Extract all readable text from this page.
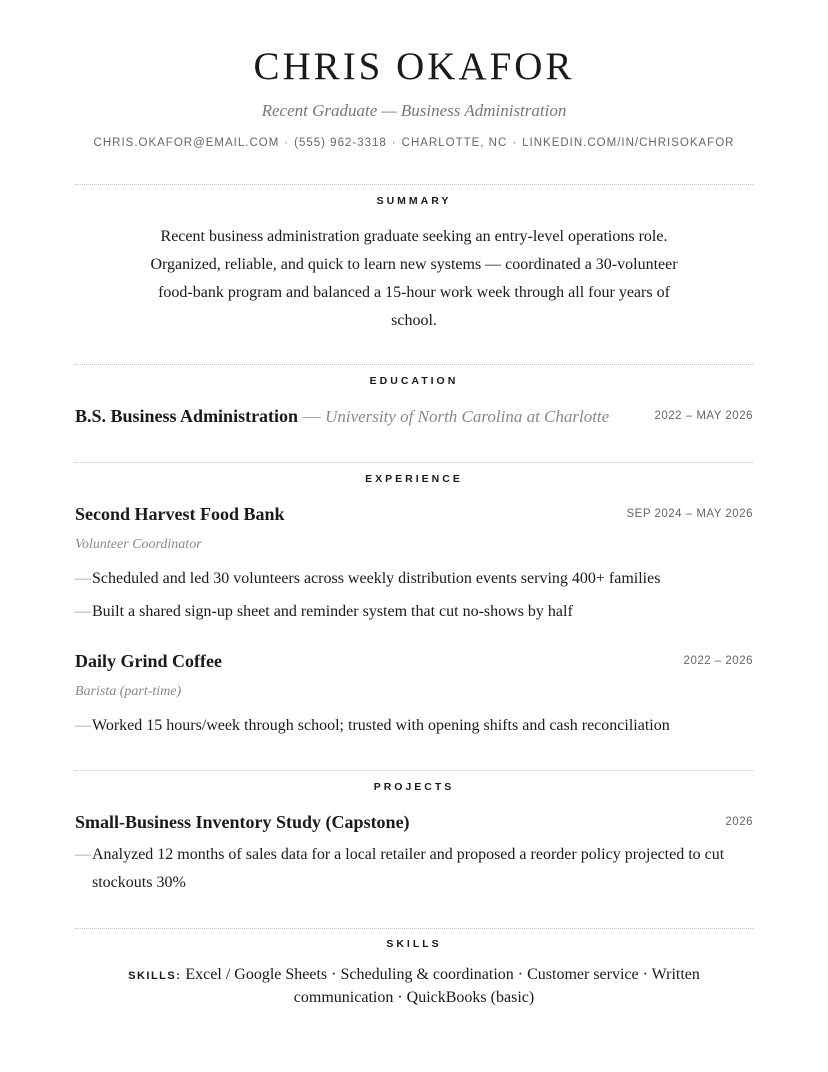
CHRIS OKAFOR
Recent Graduate — Business Administration
CHRIS.OKAFOR@EMAIL.COM · (555) 962-3318 · CHARLOTTE, NC · LINKEDIN.COM/IN/CHRISOKAFOR
SUMMARY
Recent business administration graduate seeking an entry-level operations role. Organized, reliable, and quick to learn new systems — coordinated a 30-volunteer food-bank program and balanced a 15-hour work week through all four years of school.
EDUCATION
B.S. Business Administration — University of North Carolina at Charlotte	2022 – MAY 2026
EXPERIENCE
Second Harvest Food Bank	SEP 2024 – MAY 2026
Volunteer Coordinator
— Scheduled and led 30 volunteers across weekly distribution events serving 400+ families
— Built a shared sign-up sheet and reminder system that cut no-shows by half
Daily Grind Coffee	2022 – 2026
Barista (part-time)
— Worked 15 hours/week through school; trusted with opening shifts and cash reconciliation
PROJECTS
Small-Business Inventory Study (Capstone)	2026
— Analyzed 12 months of sales data for a local retailer and proposed a reorder policy projected to cut stockouts 30%
SKILLS
SKILLS: Excel / Google Sheets · Scheduling & coordination · Customer service · Written communication · QuickBooks (basic)
